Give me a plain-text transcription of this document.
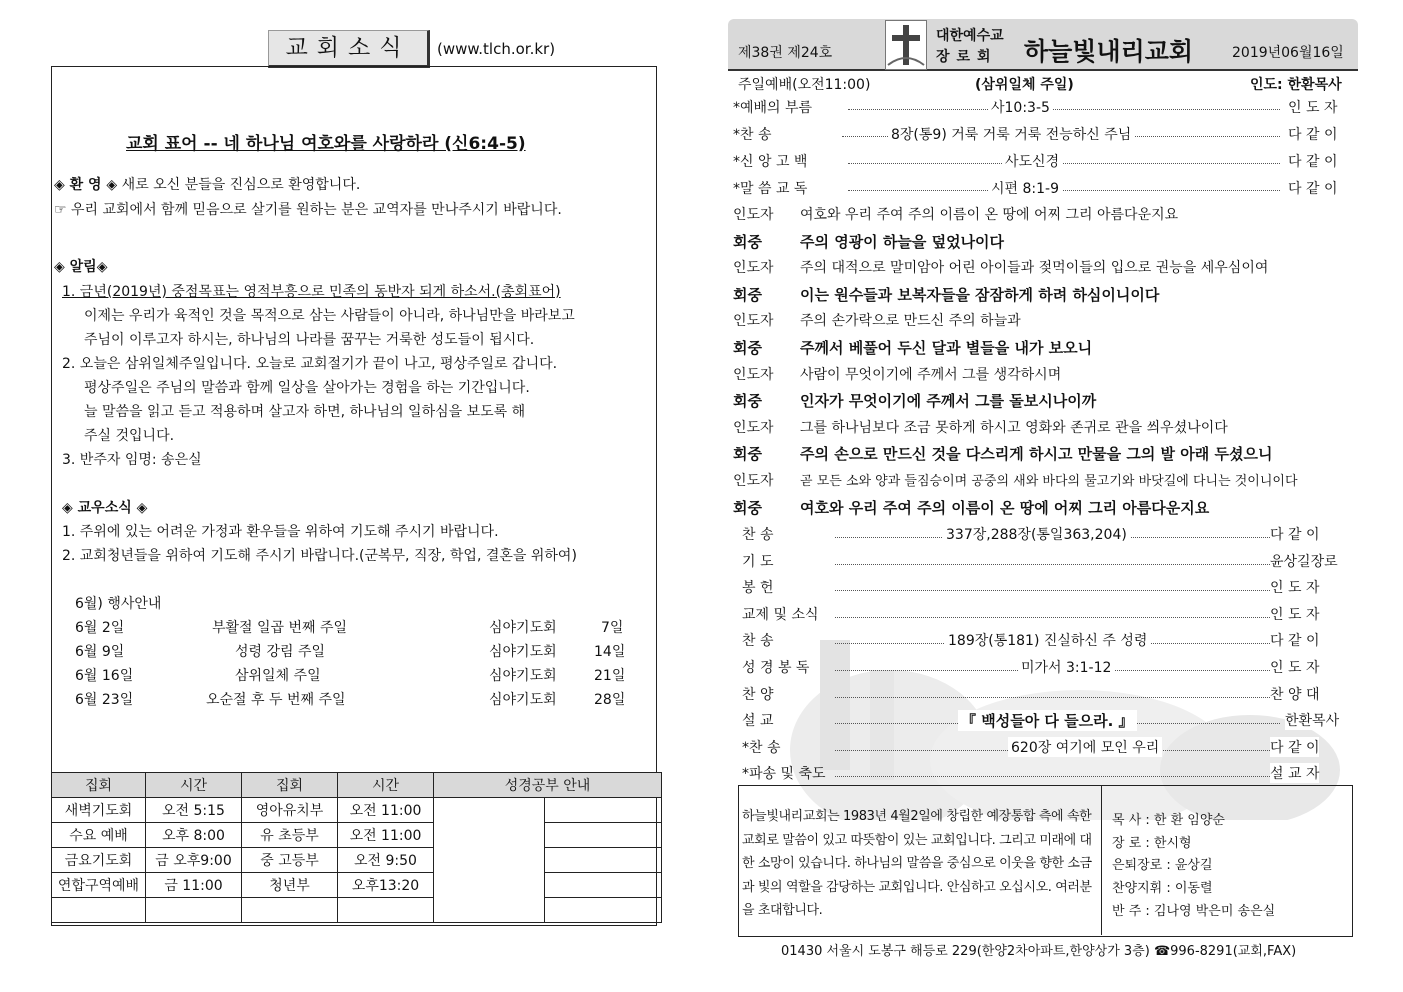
교회소식	(www.tlch.or.kr)
교회 표어 -- 네 하나님 여호와를 사랑하라 (신6:4-5)
◈ 환 영 ◈ 새로 오신 분들을 진심으로 환영합니다.
☞ 우리 교회에서 함께 믿음으로 살기를 원하는 분은 교역자를 만나주시기 바랍니다.
◈ 알림◈
1. 금년(2019년) 중점목표는 영적부흥으로 민족의 동반자 되게 하소서.(총회표어)
이제는 우리가 육적인 것을 목적으로 삼는 사람들이 아니라, 하나님만을 바라보고
주님이 이루고자 하시는, 하나님의 나라를 꿈꾸는 거룩한 성도들이 됩시다.
2. 오늘은 삼위일체주일입니다. 오늘로 교회절기가 끝이 나고, 평상주일로 갑니다.
평상주일은 주님의 말씀과 함께 일상을 살아가는 경험을 하는 기간입니다.
늘 말씀을 읽고 듣고 적용하며 살고자 하면, 하나님의 일하심을 보도록 해
주실 것입니다.
3. 반주자 임명: 송은실
◈ 교우소식 ◈
1. 주위에 있는 어려운 가정과 환우들을 위하여 기도해 주시기 바랍니다.
2. 교회청년들을 위하여 기도해 주시기 바랍니다.(군복무, 직장, 학업, 결혼을 위하여)
6월) 행사안내
6월 2일	부활절 일곱 번째 주일	심야기도회	7일
6월 9일	성령 강림 주일	심야기도회	14일
6월 16일	삼위일체 주일	심야기도회	21일
6월 23일	오순절 후 두 번째 주일	심야기도회	28일
집회	시간	집회	시간	성경공부 안내	
새벽기도회	오전 5:15	영아유치부	오전 11:00		
수요 예배	오후 8:00	유 초등부	오전 11:00		
금요기도회	금 오후9:00	중 고등부	오전 9:50		
연합구역예배	금 11:00	청년부	오후13:20		

제38권 제24호
대한예수교
장로회 하늘빛내리교회	2019년06월16일
주일예배(오전11:00)	(삼위일체 주일)	인도: 한환목사
*예배의 부름	사10:3-5	인 도 자
*찬 송	8장(통9) 거룩 거룩 거룩 전능하신 주님	다 같 이
*신 앙 고 백	사도신경	다 같 이
*말 씀 교 독	시편 8:1-9	다 같 이
인도자 여호와 우리 주여 주의 이름이 온 땅에 어찌 그리 아름다운지요
회중	주의 영광이 하늘을 덮었나이다
인도자 주의 대적으로 말미암아 어린 아이들과 젖먹이들의 입으로 권능을 세우심이여
회중	이는 원수들과 보복자들을 잠잠하게 하려 하심이니이다
인도자 주의 손가락으로 만드신 주의 하늘과
회중	주께서 베풀어 두신 달과 별들을 내가 보오니
인도자 사람이 무엇이기에 주께서 그를 생각하시며
회중	인자가 무엇이기에 주께서 그를 돌보시나이까
인도자 그를 하나님보다 조금 못하게 하시고 영화와 존귀로 관을 씌우셨나이다
회중	주의 손으로 만드신 것을 다스리게 하시고 만물을 그의 발 아래 두셨으니
인도자 곧 모든 소와 양과 들짐승이며 공중의 새와 바다의 물고기와 바닷길에 다니는 것이니이다
회중	여호와 우리 주여 주의 이름이 온 땅에 어찌 그리 아름다운지요
찬 송	337장,288장(통일363,204)	다 같 이
기 도	윤상길장로
봉 헌	인 도 자
교제 및 소식	인 도 자
찬 송	189장(통181) 진실하신 주 성령	다 같 이
성 경 봉 독	미가서 3:1-12	인 도 자
찬 양	찬 양 대
설 교	『 백성들아 다 들으라. 』	한환목사
*찬 송	620장 여기에 모인 우리	다 같 이
*파송 및 축도	설 교 자
하늘빛내리교회는 1983년 4월2일에 창립한 예장통합 측에 속한 교회로 말씀이 있고 따뜻함이 있는 교회입니다. 그리고 미래에 대한 소망이 있습니다. 하나님의 말씀을 중심으로 이웃을 향한 소금과 빛의 역할을 감당하는 교회입니다. 안심하고 오십시오. 여러분을 초대합니다.
목 사 : 한 환 임양순
장 로 : 한시형
은퇴장로 : 윤상길
찬양지휘 : 이동렬
반 주 : 김나영 박은미 송은실
01430 서울시 도봉구 해등로 229(한양2차아파트,한양상가 3층) ☎996-8291(교회,FAX)
